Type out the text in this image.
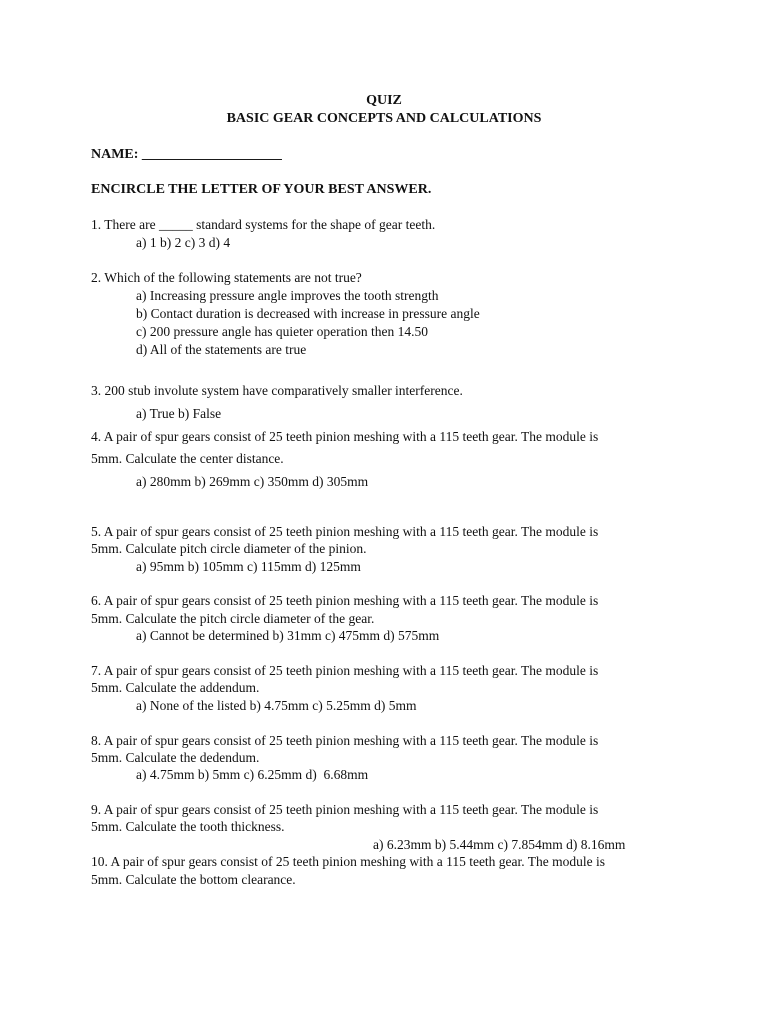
QUIZ
BASIC GEAR CONCEPTS AND CALCULATIONS
NAME: ____________________
ENCIRCLE THE LETTER OF YOUR BEST ANSWER.
1. There are _____ standard systems for the shape of gear teeth.
a) 1 b) 2 c) 3 d) 4
2. Which of the following statements are not true?
a) Increasing pressure angle improves the tooth strength
b) Contact duration is decreased with increase in pressure angle
c) 200 pressure angle has quieter operation then 14.50
d) All of the statements are true
3. 200 stub involute system have comparatively smaller interference.
a) True b) False
4. A pair of spur gears consist of 25 teeth pinion meshing with a 115 teeth gear. The module is
5mm. Calculate the center distance.
a) 280mm b) 269mm c) 350mm d) 305mm
5. A pair of spur gears consist of 25 teeth pinion meshing with a 115 teeth gear. The module is
5mm. Calculate pitch circle diameter of the pinion.
a) 95mm b) 105mm c) 115mm d) 125mm
6. A pair of spur gears consist of 25 teeth pinion meshing with a 115 teeth gear. The module is
5mm. Calculate the pitch circle diameter of the gear.
a) Cannot be determined b) 31mm c) 475mm d) 575mm
7. A pair of spur gears consist of 25 teeth pinion meshing with a 115 teeth gear. The module is
5mm. Calculate the addendum.
a) None of the listed b) 4.75mm c) 5.25mm d) 5mm
8. A pair of spur gears consist of 25 teeth pinion meshing with a 115 teeth gear. The module is
5mm. Calculate the dedendum.
a) 4.75mm b) 5mm c) 6.25mm d)  6.68mm
9. A pair of spur gears consist of 25 teeth pinion meshing with a 115 teeth gear. The module is
5mm. Calculate the tooth thickness.
a) 6.23mm b) 5.44mm c) 7.854mm d) 8.16mm
10. A pair of spur gears consist of 25 teeth pinion meshing with a 115 teeth gear. The module is
5mm. Calculate the bottom clearance.
